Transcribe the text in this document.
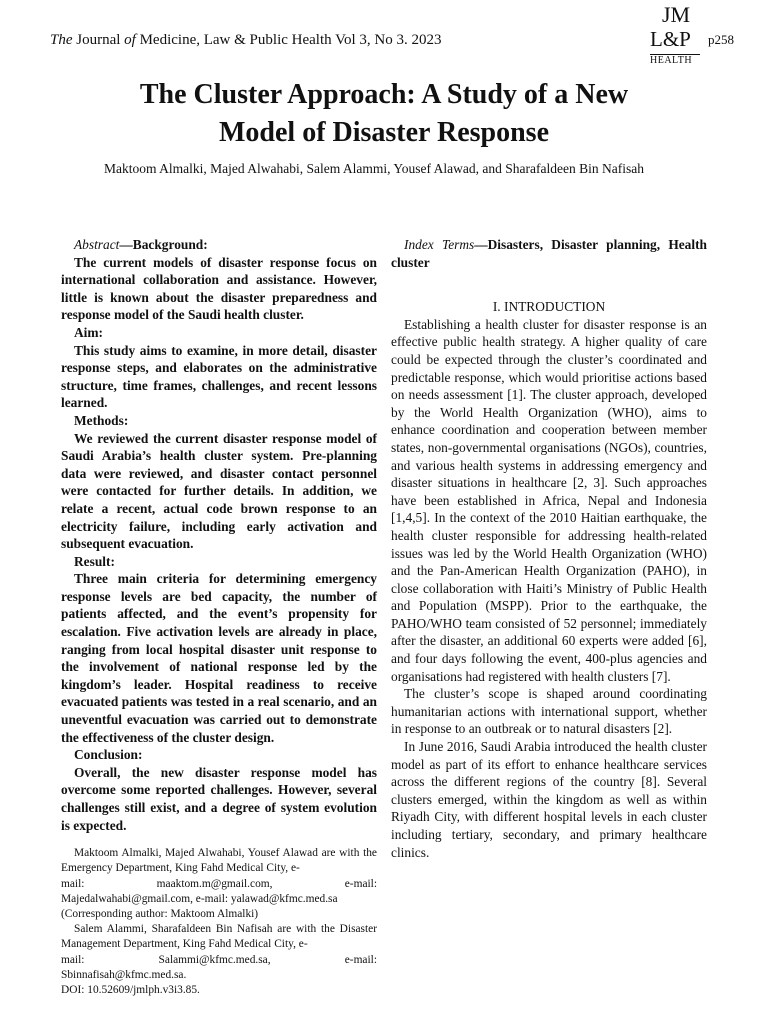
The Journal of Medicine, Law & Public Health Vol 3, No 3. 2023
JM
L&P p258
HEALTH
The Cluster Approach: A Study of a New
Model of Disaster Response
Maktoom Almalki, Majed Alwahabi, Salem Alammi, Yousef Alawad, and Sharafaldeen Bin Nafisah

Abstract—Background:

The current models of disaster response focus on international collaboration and assistance. However, little is known about the disaster preparedness and response model of the Saudi health cluster.

Aim:

This study aims to examine, in more detail, disaster response steps, and elaborates on the administrative structure, time frames, challenges, and recent lessons learned.

Methods:

We reviewed the current disaster response model of Saudi Arabia’s health cluster system. Pre-planning data were reviewed, and disaster contact personnel were contacted for further details. In addition, we relate a recent, actual code brown response to an electricity failure, including early activation and subsequent evacuation.

Result:

Three main criteria for determining emergency response levels are bed capacity, the number of patients affected, and the event’s propensity for escalation. Five activation levels are already in place, ranging from local hospital disaster unit response to the involvement of national response led by the kingdom’s leader. Hospital readiness to receive evacuated patients was tested in a real scenario, and an uneventful evacuation was carried out to demonstrate the effectiveness of the cluster design.

Conclusion:

Overall, the new disaster response model has overcome some reported challenges. However, several challenges still exist, and a degree of system evolution is expected.

Maktoom Almalki, Majed Alwahabi, Yousef Alawad are with the Emergency Department, King Fahd Medical City, e-

mail:	maaktom.m@gmail.com,	e-mail:

Majedalwahabi@gmail.com, e-mail: yalawad@kfmc.med.sa

(Corresponding author: Maktoom Almalki)

Salem Alammi, Sharafaldeen Bin Nafisah are with the Disaster Management Department, King Fahd Medical City, e-

mail:	Salammi@kfmc.med.sa,	e-mail:

Sbinnafisah@kfmc.med.sa.

DOI: 10.52609/jmlph.v3i3.85.

Index Terms—Disasters, Disaster planning, Health cluster

I. INTRODUCTION

Establishing a health cluster for disaster response is an effective public health strategy. A higher quality of care could be expected through the cluster’s coordinated and predictable response, which would prioritise actions based on needs assessment [1]. The cluster approach, developed by the World Health Organization (WHO), aims to enhance coordination and cooperation between member states, non-governmental organisations (NGOs), countries, and various health systems in addressing emergency and disaster situations in healthcare [2, 3]. Such approaches have been established in Africa, Nepal and Indonesia [1,4,5]. In the context of the 2010 Haitian earthquake, the health cluster responsible for addressing health-related issues was led by the World Health Organization (WHO) and the Pan-American Health Organization (PAHO), in close collaboration with Haiti’s Ministry of Public Health and Population (MSPP). Prior to the earthquake, the PAHO/WHO team consisted of 52 personnel; immediately after the disaster, an additional 60 experts were added [6], and four days following the event, 400-plus agencies and organisations had registered with health clusters [7].

The cluster’s scope is shaped around coordinating humanitarian actions with international support, whether in response to an outbreak or to natural disasters [2].

In June 2016, Saudi Arabia introduced the health cluster model as part of its effort to enhance healthcare services across the different regions of the country [8]. Several clusters emerged, within the kingdom as well as within Riyadh City, with different hospital levels in each cluster including tertiary, secondary, and primary healthcare clinics.
